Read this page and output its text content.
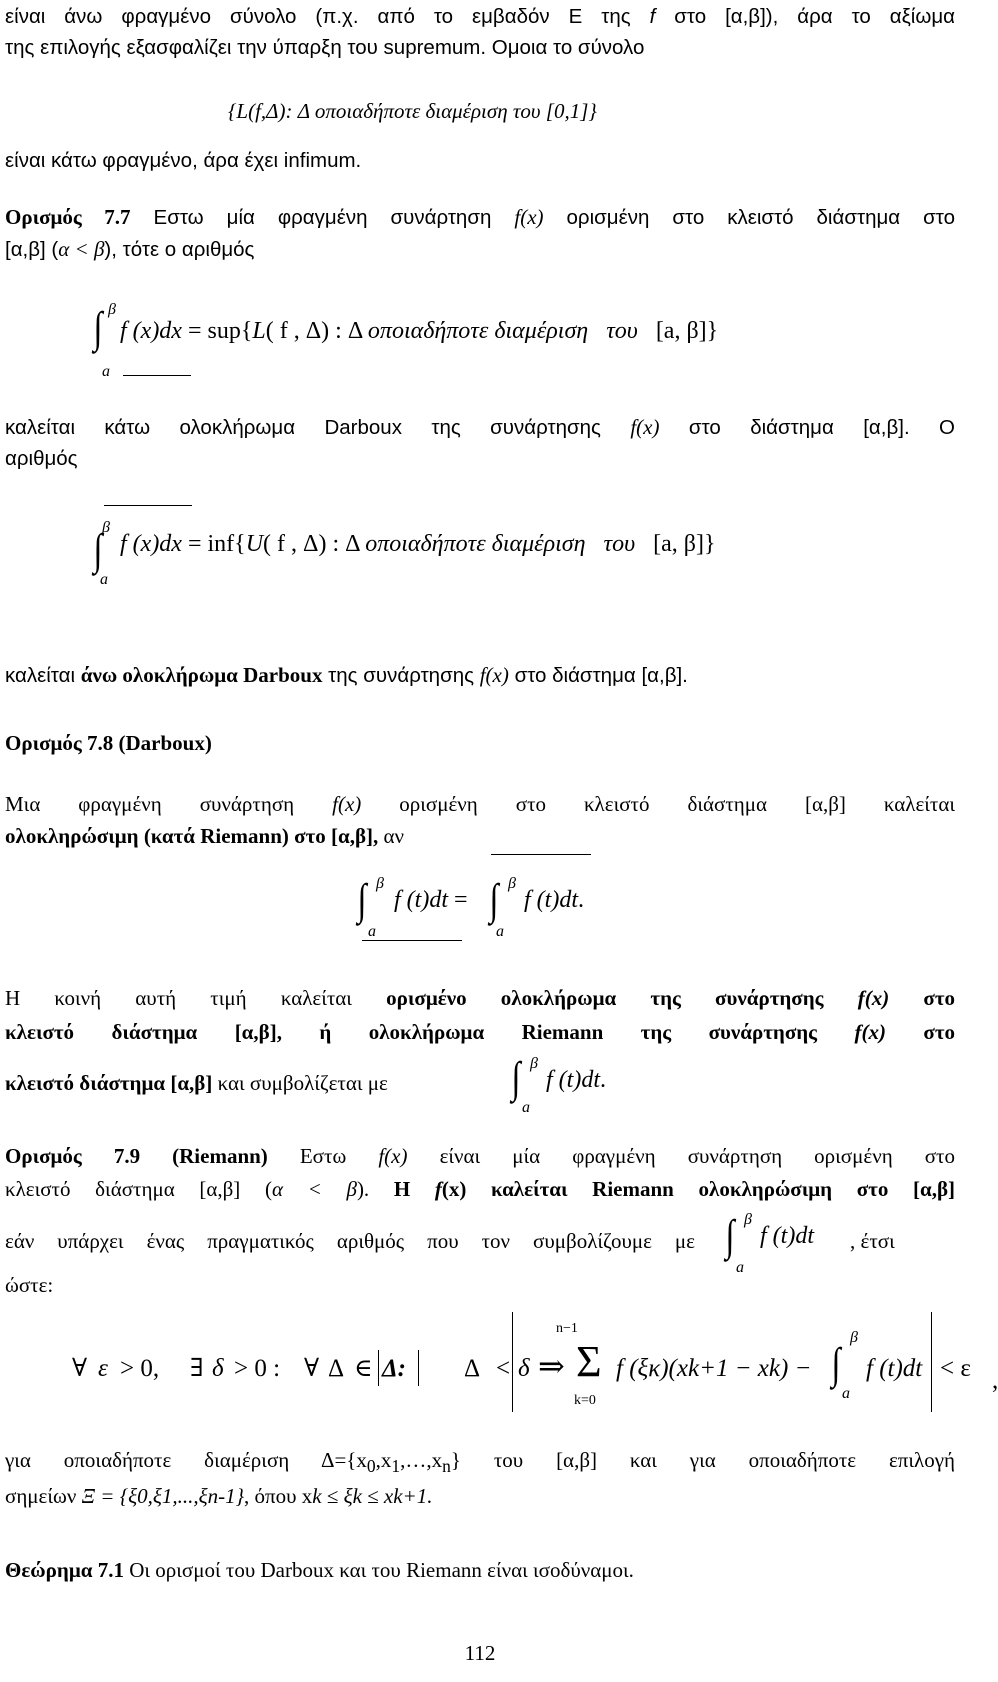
είναι άνω φραγμένο σύνολο (π.χ. από το εμβαδόν Ε της f στο [α,β]), άρα το αξίωμα
της επιλογής εξασφαλίζει την ύπαρξη του supremum. Ομοια το σύνολο
{L(f,Δ): Δ οποιαδήποτε διαμέριση του [0,1]}
είναι κάτω φραγμένο, άρα έχει infimum.
Ορισμός 7.7 Εστω μία φραγμένη συνάρτηση f(x) ορισμένη στο κλειστό διάστημα στο
[α,β] (α < β), τότε ο αριθμός
β
∫
a
f (x)dx = sup{L( f , Δ) : Δ οποιαδήποτε διαμέριση του [a, β]}
καλείται κάτω ολοκλήρωμα Darboux της συνάρτησης f(x) στο διάστημα [α,β]. Ο
αριθμός
β
∫
a
f (x)dx = inf{U( f , Δ) : Δ οποιαδήποτε διαμέριση του [a, β]}
καλείται άνω ολοκλήρωμα Darboux της συνάρτησης f(x) στο διάστημα [α,β].
Ορισμός 7.8 (Darboux)
Μια φραγμένη συνάρτηση f(x) ορισμένη στο κλειστό διάστημα [α,β] καλείται
ολοκληρώσιμη (κατά Riemann) στο [α,β], αν
β
∫
a
f (t)dt =
β
∫
a
f (t)dt.
Η κοινή αυτή τιμή καλείται ορισμένο ολοκλήρωμα της συνάρτησης f(x) στο
κλειστό διάστημα [α,β], ή ολοκλήρωμα Riemann της συνάρτησης f(x) στο
κλειστό διάστημα [α,β] και συμβολίζεται με
β
∫
a
f (t)dt.
Ορισμός 7.9 (Riemann) Εστω f(x) είναι μία φραγμένη συνάρτηση ορισμένη στο
κλειστό διάστημα [α,β] (α < β). Η f(x) καλείται Riemann ολοκληρώσιμη στο [α,β]
εάν υπάρχει ένας πραγματικός αριθμός που τον συμβολίζουμε με
β
∫
a
f (t)dt , έτσι
ώστε:
∀ ε > 0, ∃ δ > 0 : ∀ Δ ∈ Δ: Δ < δ ⇒
n−1
Σ
k=0
f (ξκ)(xk+1 − xk) −
β
∫
a
f (t)dt < ε ,
για οποιαδήποτε διαμέριση $\Delta=\{x_0,x_1,\dots,x_n\}$ του [α,β] και για οποιαδήποτε επιλογή
σημείων Ξ = {ξ0,ξ1,...,ξn-1}, όπου xk ≤ ξk ≤ xk+1.
Θεώρημα 7.1 Οι ορισμοί του Darboux και του Riemann είναι ισοδύναμοι.
112
